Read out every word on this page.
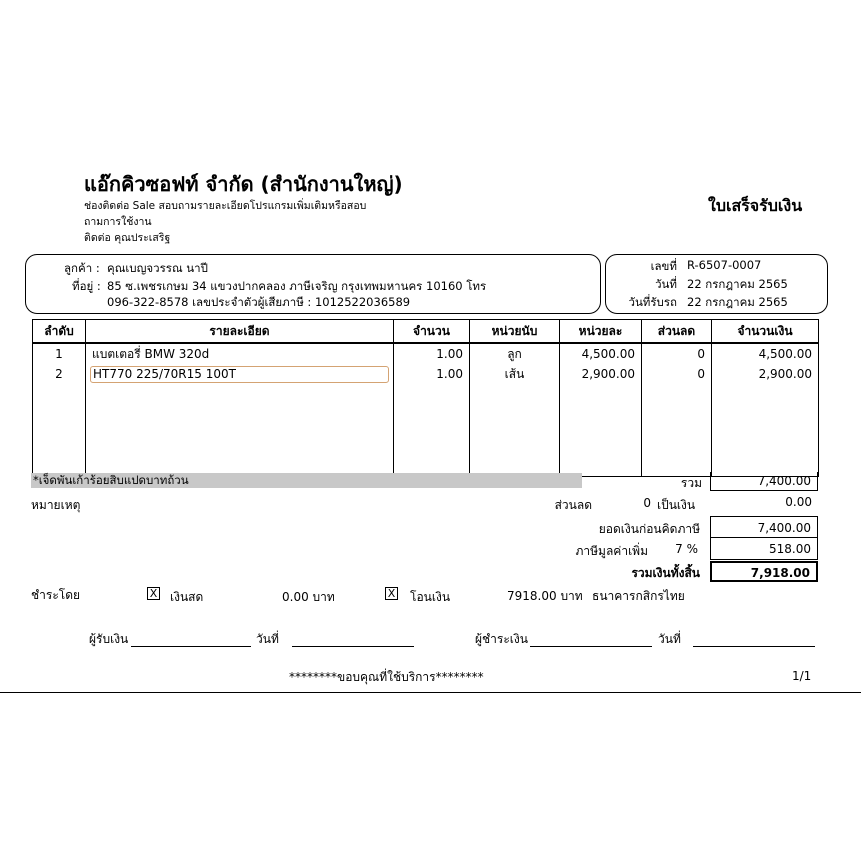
แอ๊กคิวซอฟท์ จำกัด (สำนักงานใหญ่)
ช่องติดต่อ Sale สอบถามรายละเอียดโปรแกรมเพิ่มเติมหรือสอบ
ถามการใช้งาน
ติดต่อ คุณประเสริฐ
ใบเสร็จรับเงิน
ลูกค้า : คุณเบญจวรรณ นาปี
ที่อยู่ : 85 ซ.เพชรเกษม 34 แขวงปากคลอง ภาษีเจริญ กรุงเทพมหานคร 10160 โทร
096-322-8578 เลขประจำตัวผู้เสียภาษี : 1012522036589
เลขที่ R-6507-0007
วันที่ 22 กรกฎาคม 2565
วันที่รับรถ 22 กรกฎาคม 2565
ลำดับ	รายละเอียด	จำนวน	หน่วยนับ	หน่วยละ	ส่วนลด	จำนวนเงิน
1	แบตเตอรี่ BMW 320d	1.00	ลูก	4,500.00	0	4,500.00
2	HT770 225/70R15 100T	1.00	เส้น	2,900.00	0	2,900.00

*เจ็ดพันเก้าร้อยสิบแปดบาทถ้วน	รวม	7,400.00
หมายเหตุ	ส่วนลด	0 เป็นเงิน	0.00
ยอดเงินก่อนคิดภาษี	7,400.00
ภาษีมูลค่าเพิ่ม	7 %	518.00
รวมเงินทั้งสิ้น	7,918.00
ชำระโดย	X เงินสด	0.00 บาท	X โอนเงิน	7918.00 บาท ธนาคารกสิกรไทย
ผู้รับเงิน	วันที่	ผู้ชำระเงิน	วันที่
********ขอบคุณที่ใช้บริการ********	1/1
